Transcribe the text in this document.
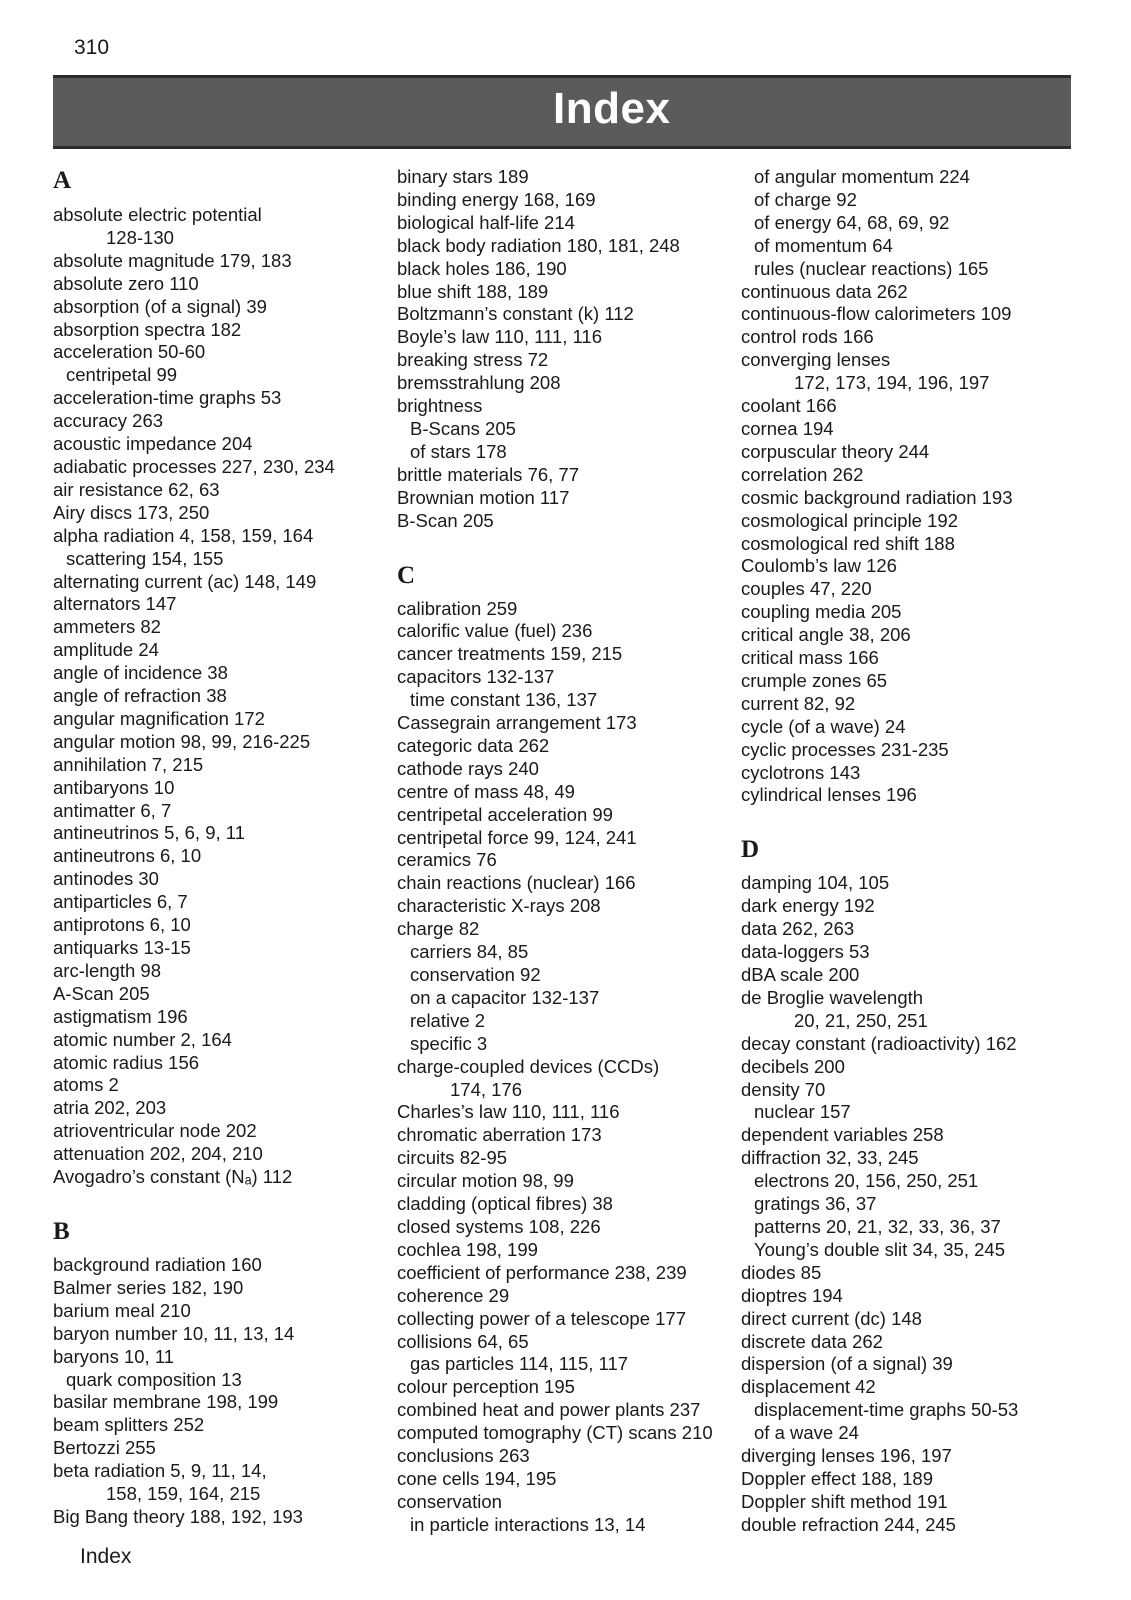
310
Index
A
absolute electric potential
128-130
absolute magnitude 179, 183
absolute zero 110
absorption (of a signal) 39
absorption spectra 182
acceleration 50-60
centripetal 99
acceleration-time graphs 53
accuracy 263
acoustic impedance 204
adiabatic processes 227, 230, 234
air resistance 62, 63
Airy discs 173, 250
alpha radiation 4, 158, 159, 164
scattering 154, 155
alternating current (ac) 148, 149
alternators 147
ammeters 82
amplitude 24
angle of incidence 38
angle of refraction 38
angular magnification 172
angular motion 98, 99, 216-225
annihilation 7, 215
antibaryons 10
antimatter 6, 7
antineutrinos 5, 6, 9, 11
antineutrons 6, 10
antinodes 30
antiparticles 6, 7
antiprotons 6, 10
antiquarks 13-15
arc-length 98
A-Scan 205
astigmatism 196
atomic number 2, 164
atomic radius 156
atoms 2
atria 202, 203
atrioventricular node 202
attenuation 202, 204, 210
Avogadro’s constant (Nₐ) 112
B
background radiation 160
Balmer series 182, 190
barium meal 210
baryon number 10, 11, 13, 14
baryons 10, 11
quark composition 13
basilar membrane 198, 199
beam splitters 252
Bertozzi 255
beta radiation 5, 9, 11, 14,
158, 159, 164, 215
Big Bang theory 188, 192, 193
binary stars 189
binding energy 168, 169
biological half-life 214
black body radiation 180, 181, 248
black holes 186, 190
blue shift 188, 189
Boltzmann’s constant (k) 112
Boyle’s law 110, 111, 116
breaking stress 72
bremsstrahlung 208
brightness
B-Scans 205
of stars 178
brittle materials 76, 77
Brownian motion 117
B-Scan 205
C
calibration 259
calorific value (fuel) 236
cancer treatments 159, 215
capacitors 132-137
time constant 136, 137
Cassegrain arrangement 173
categoric data 262
cathode rays 240
centre of mass 48, 49
centripetal acceleration 99
centripetal force 99, 124, 241
ceramics 76
chain reactions (nuclear) 166
characteristic X-rays 208
charge 82
carriers 84, 85
conservation 92
on a capacitor 132-137
relative 2
specific 3
charge-coupled devices (CCDs)
174, 176
Charles’s law 110, 111, 116
chromatic aberration 173
circuits 82-95
circular motion 98, 99
cladding (optical fibres) 38
closed systems 108, 226
cochlea 198, 199
coefficient of performance 238, 239
coherence 29
collecting power of a telescope 177
collisions 64, 65
gas particles 114, 115, 117
colour perception 195
combined heat and power plants 237
computed tomography (CT) scans 210
conclusions 263
cone cells 194, 195
conservation
in particle interactions 13, 14
of angular momentum 224
of charge 92
of energy 64, 68, 69, 92
of momentum 64
rules (nuclear reactions) 165
continuous data 262
continuous-flow calorimeters 109
control rods 166
converging lenses
172, 173, 194, 196, 197
coolant 166
cornea 194
corpuscular theory 244
correlation 262
cosmic background radiation 193
cosmological principle 192
cosmological red shift 188
Coulomb’s law 126
couples 47, 220
coupling media 205
critical angle 38, 206
critical mass 166
crumple zones 65
current 82, 92
cycle (of a wave) 24
cyclic processes 231-235
cyclotrons 143
cylindrical lenses 196
D
damping 104, 105
dark energy 192
data 262, 263
data-loggers 53
dBA scale 200
de Broglie wavelength
20, 21, 250, 251
decay constant (radioactivity) 162
decibels 200
density 70
nuclear 157
dependent variables 258
diffraction 32, 33, 245
electrons 20, 156, 250, 251
gratings 36, 37
patterns 20, 21, 32, 33, 36, 37
Young’s double slit 34, 35, 245
diodes 85
dioptres 194
direct current (dc) 148
discrete data 262
dispersion (of a signal) 39
displacement 42
displacement-time graphs 50-53
of a wave 24
diverging lenses 196, 197
Doppler effect 188, 189
Doppler shift method 191
double refraction 244, 245
Index
